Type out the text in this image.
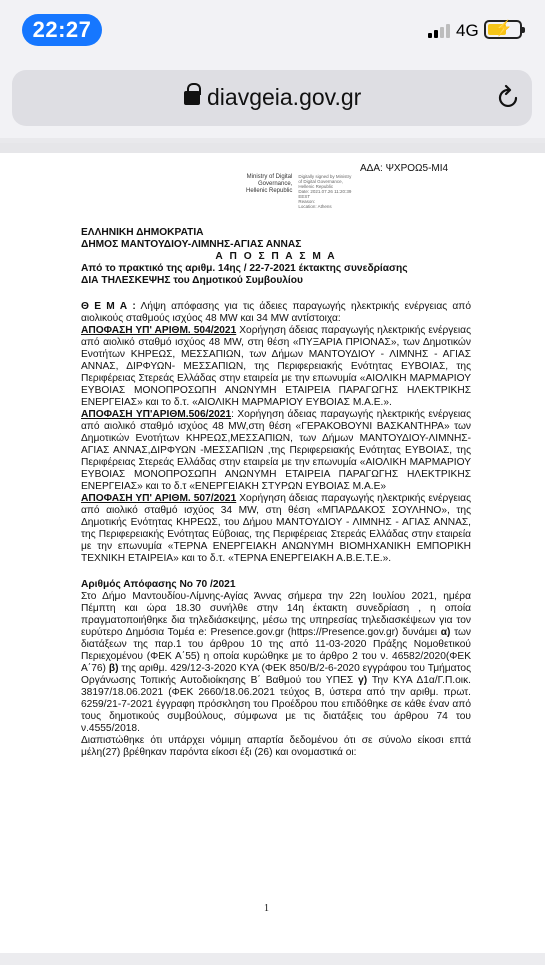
22:27	4G ⚡
diavgeia.gov.gr
ΑΔΑ: ΨΧΡΟΩ5-ΜΙ4
Ministry of Digital
Governance,
Hellenic Republic
Digitally signed by Ministry
of Digital Governance,
Hellenic Republic
Date: 2021.07.26 11:20:39
EEST
Reason:
Location: Athens

ΕΛΛΗΝΙΚΗ ΔΗΜΟΚΡΑΤΙΑ

ΔΗΜΟΣ ΜΑΝΤΟΥΔΙΟΥ-ΛΙΜΝΗΣ-ΑΓΙΑΣ ΑΝΝΑΣ

Α Π Ο Σ Π Α Σ Μ Α

Από το πρακτικό της αριθμ. 14ης / 22-7-2021 έκτακτης συνεδρίασης

ΔΙΑ ΤΗΛΕΣΚΕΨΗΣ του Δημοτικού Συμβουλίου

Θ Ε Μ Α : Λήψη απόφασης για τις άδειες παραγωγής ηλεκτρικής ενέργειας από αιολικούς σταθμούς ισχύος 48 MW και 34 MW αντίστοιχα:

ΑΠΟΦΑΣΗ ΥΠ' ΑΡΙΘΜ. 504/2021 Χορήγηση άδειας παραγωγής ηλεκτρικής ενέργειας από αιολικό σταθμό ισχύος 48 MW, στη θέση «ΠΥΞΑΡΙΑ ΠΡΙΟΝΑΣ», των Δημοτικών Ενοτήτων ΚΗΡΕΩΣ, ΜΕΣΣΑΠΙΩΝ, των Δήμων ΜΑΝΤΟΥΔΙΟΥ - ΛΙΜΝΗΣ - ΑΓΙΑΣ ΑΝΝΑΣ, ΔΙΡΦΥΩΝ- ΜΕΣΣΑΠΙΩΝ, της Περιφερειακής Ενότητας ΕΥΒΟΙΑΣ, της Περιφέρειας Στερεάς Ελλάδας στην εταιρεία με την επωνυμία «ΑΙΟΛΙΚΗ ΜΑΡΜΑΡΙΟΥ ΕΥΒΟΙΑΣ ΜΟΝΟΠΡΟΣΩΠΗ ΑΝΩΝΥΜΗ ΕΤΑΙΡΕΙΑ ΠΑΡΑΓΩΓΗΣ ΗΛΕΚΤΡΙΚΗΣ ΕΝΕΡΓΕΙΑΣ» και το δ.τ. «ΑΙΟΛΙΚΗ ΜΑΡΜΑΡΙΟΥ ΕΥΒΟΙΑΣ Μ.Α.Ε.».

ΑΠΟΦΑΣΗ ΥΠ'ΑΡΙΘΜ.506/2021: Χορήγηση άδειας παραγωγής ηλεκτρικής ενέργειας από αιολικό σταθμό ισχύος 48 MW,στη θέση «ΓΕΡΑΚΟΒΟΥΝΙ ΒΑΣΚΑΝΤΗΡΑ» των Δημοτικών Ενοτήτων ΚΗΡΕΩΣ,ΜΕΣΣΑΠΙΩΝ, των Δήμων ΜΑΝΤΟΥΔΙΟΥ-ΛΙΜΝΗΣ-ΑΓΙΑΣ ΑΝΝΑΣ,ΔΙΡΦΥΩΝ -ΜΕΣΣΑΠΙΩΝ ,της Περιφερειακής Ενότητας ΕΥΒΟΙΑΣ, της Περιφέρειας Στερεάς Ελλάδας στην εταιρεία με την επωνυμία «ΑΙΟΛΙΚΗ ΜΑΡΜΑΡΙΟΥ ΕΥΒΟΙΑΣ ΜΟΝΟΠΡΟΣΩΠΗ ΑΝΩΝΥΜΗ ΕΤΑΙΡΕΙΑ ΠΑΡΑΓΩΓΗΣ ΗΛΕΚΤΡΙΚΗΣ ΕΝΕΡΓΕΙΑΣ» και το δ.τ «ΕΝΕΡΓΕΙΑΚΗ ΣΤΥΡΩΝ ΕΥΒΟΙΑΣ Μ.Α.Ε»

ΑΠΟΦΑΣΗ ΥΠ' ΑΡΙΘΜ. 507/2021 Χορήγηση άδειας παραγωγής ηλεκτρικής ενέργειας από αιολικό σταθμό ισχύος 34 MW, στη θέση «ΜΠΑΡΔΑΚΟΣ ΣΟΥΛΗΝΟ», της Δημοτικής Ενότητας ΚΗΡΕΩΣ, του Δήμου ΜΑΝΤΟΥΔΙΟΥ - ΛΙΜΝΗΣ - ΑΓΙΑΣ ΑΝΝΑΣ, της Περιφερειακής Ενότητας Εύβοιας, της Περιφέρειας Στερεάς Ελλάδας στην εταιρεία με την επωνυμία «ΤΕΡΝΑ ΕΝΕΡΓΕΙΑΚΗ ΑΝΩΝΥΜΗ ΒΙΟΜΗΧΑΝΙΚΗ ΕΜΠΟΡΙΚΗ ΤΕΧΝΙΚΗ ΕΤΑΙΡΕΙΑ» και το δ.τ. «ΤΕΡΝΑ ΕΝΕΡΓΕΙΑΚΗ Α.Β.Ε.Τ.Ε.».

Αριθμός Απόφασης Νο 70 /2021

Στο Δήμο Μαντουδίου-Λίμνης-Αγίας Άννας σήμερα την 22η Ιουλίου 2021, ημέρα Πέμπτη και ώρα 18.30 συνήλθε στην 14η έκτακτη συνεδρίαση , η οποία πραγματοποιήθηκε δια τηλεδιάσκεψης, μέσω της υπηρεσίας τηλεδιασκέψεων για τον ευρύτερο Δημόσια Τομέα e: Presence.gov.gr (https://Presence.gov.gr) δυνάμει α) των διατάξεων της παρ.1 του άρθρου 10 της από 11-03-2020 Πράξης Νομοθετικού Περιεχομένου (ΦΕΚ Α΄55) η οποία κυρώθηκε με το άρθρο 2 του ν. 46582/2020(ΦΕΚ Α΄76) β) της αριθμ. 429/12-3-2020 ΚΥΑ (ΦΕΚ 850/Β/2-6-2020 εγγράφου του Τμήματος Οργάνωσης Τοπικής Αυτοδιοίκησης Β΄ Βαθμού του ΥΠΕΣ γ) Την ΚΥΑ Δ1α/Γ.Π.οικ. 38197/18.06.2021 (ΦΕΚ 2660/18.06.2021 τεύχος Β, ύστερα από την αριθμ. πρωτ. 6259/21-7-2021 έγγραφη πρόσκληση του Προέδρου που επιδόθηκε σε κάθε έναν από τους δημοτικούς συμβούλους, σύμφωνα με τις διατάξεις του άρθρου 74 του ν.4555/2018.

Διαπιστώθηκε ότι υπάρχει νόμιμη απαρτία δεδομένου ότι σε σύνολο είκοσι επτά μέλη(27) βρέθηκαν παρόντα είκοσι έξι (26) και ονομαστικά οι:

1
